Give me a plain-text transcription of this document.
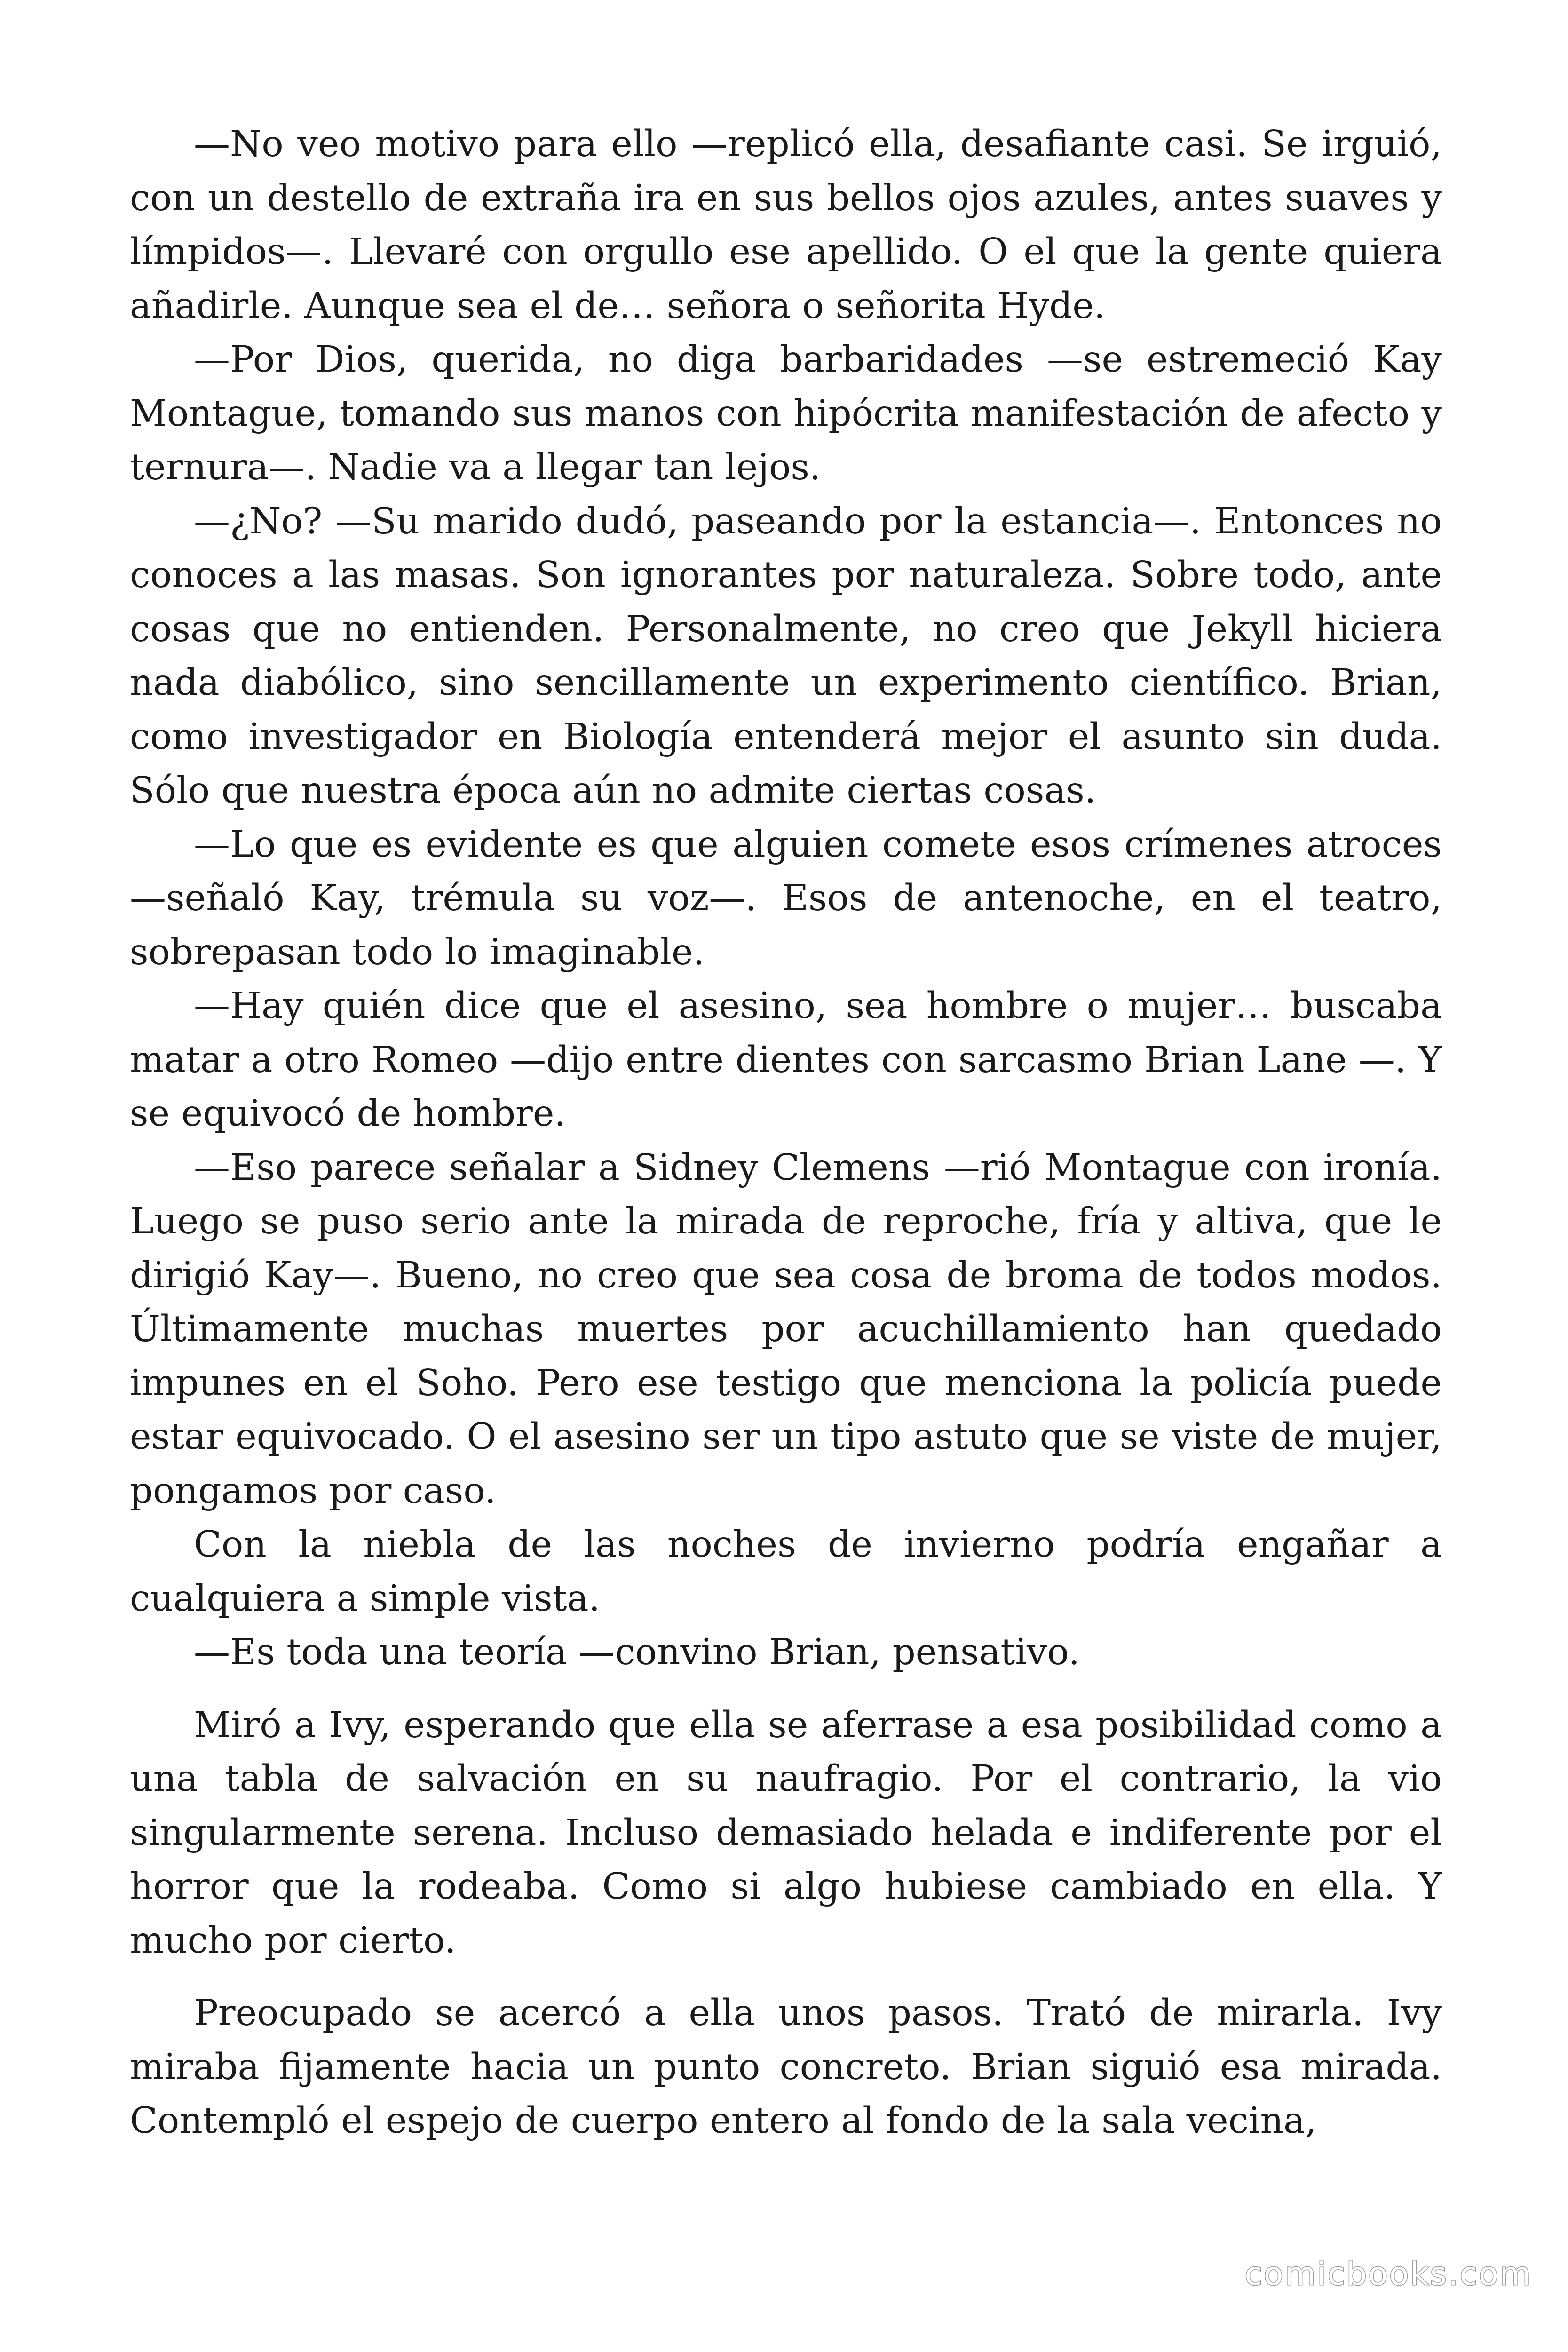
—No veo motivo para ello —replicó ella, desafiante casi. Se irguió, con un destello de extraña ira en sus bellos ojos azules, antes suaves y límpidos—. Llevaré con orgullo ese apellido. O el que la gente quiera añadirle. Aunque sea el de… señora o señorita Hyde.

—Por Dios, querida, no diga barbaridades —se estremeció Kay Montague, tomando sus manos con hipócrita manifestación de afecto y ternura—. Nadie va a llegar tan lejos.

—¿No? —Su marido dudó, paseando por la estancia—. Entonces no conoces a las masas. Son ignorantes por naturaleza. Sobre todo, ante cosas que no entienden. Personalmente, no creo que Jekyll hiciera nada diabólico, sino sencillamente un experimento científico. Brian, como investigador en Biología entenderá mejor el asunto sin duda. Sólo que nuestra época aún no admite ciertas cosas.

—Lo que es evidente es que alguien comete esos crímenes atroces —señaló Kay, trémula su voz—. Esos de antenoche, en el teatro, sobrepasan todo lo imaginable.

—Hay quién dice que el asesino, sea hombre o mujer… buscaba matar a otro Romeo —dijo entre dientes con sarcasmo Brian Lane —. Y se equivocó de hombre.

—Eso parece señalar a Sidney Clemens —rió Montague con ironía. Luego se puso serio ante la mirada de reproche, fría y altiva, que le dirigió Kay—. Bueno, no creo que sea cosa de broma de todos modos. Últimamente muchas muertes por acuchillamiento han quedado impunes en el Soho. Pero ese testigo que menciona la policía puede estar equivocado. O el asesino ser un tipo astuto que se viste de mujer, pongamos por caso.

Con la niebla de las noches de invierno podría engañar a cualquiera a simple vista.

—Es toda una teoría —convino Brian, pensativo.

Miró a Ivy, esperando que ella se aferrase a esa posibilidad como a una tabla de salvación en su naufragio. Por el contrario, la vio singularmente serena. Incluso demasiado helada e indiferente por el horror que la rodeaba. Como si algo hubiese cambiado en ella. Y mucho por cierto.

Preocupado se acercó a ella unos pasos. Trató de mirarla. Ivy miraba fijamente hacia un punto concreto. Brian siguió esa mirada. Contempló el espejo de cuerpo entero al fondo de la sala vecina,

comicbooks.com
